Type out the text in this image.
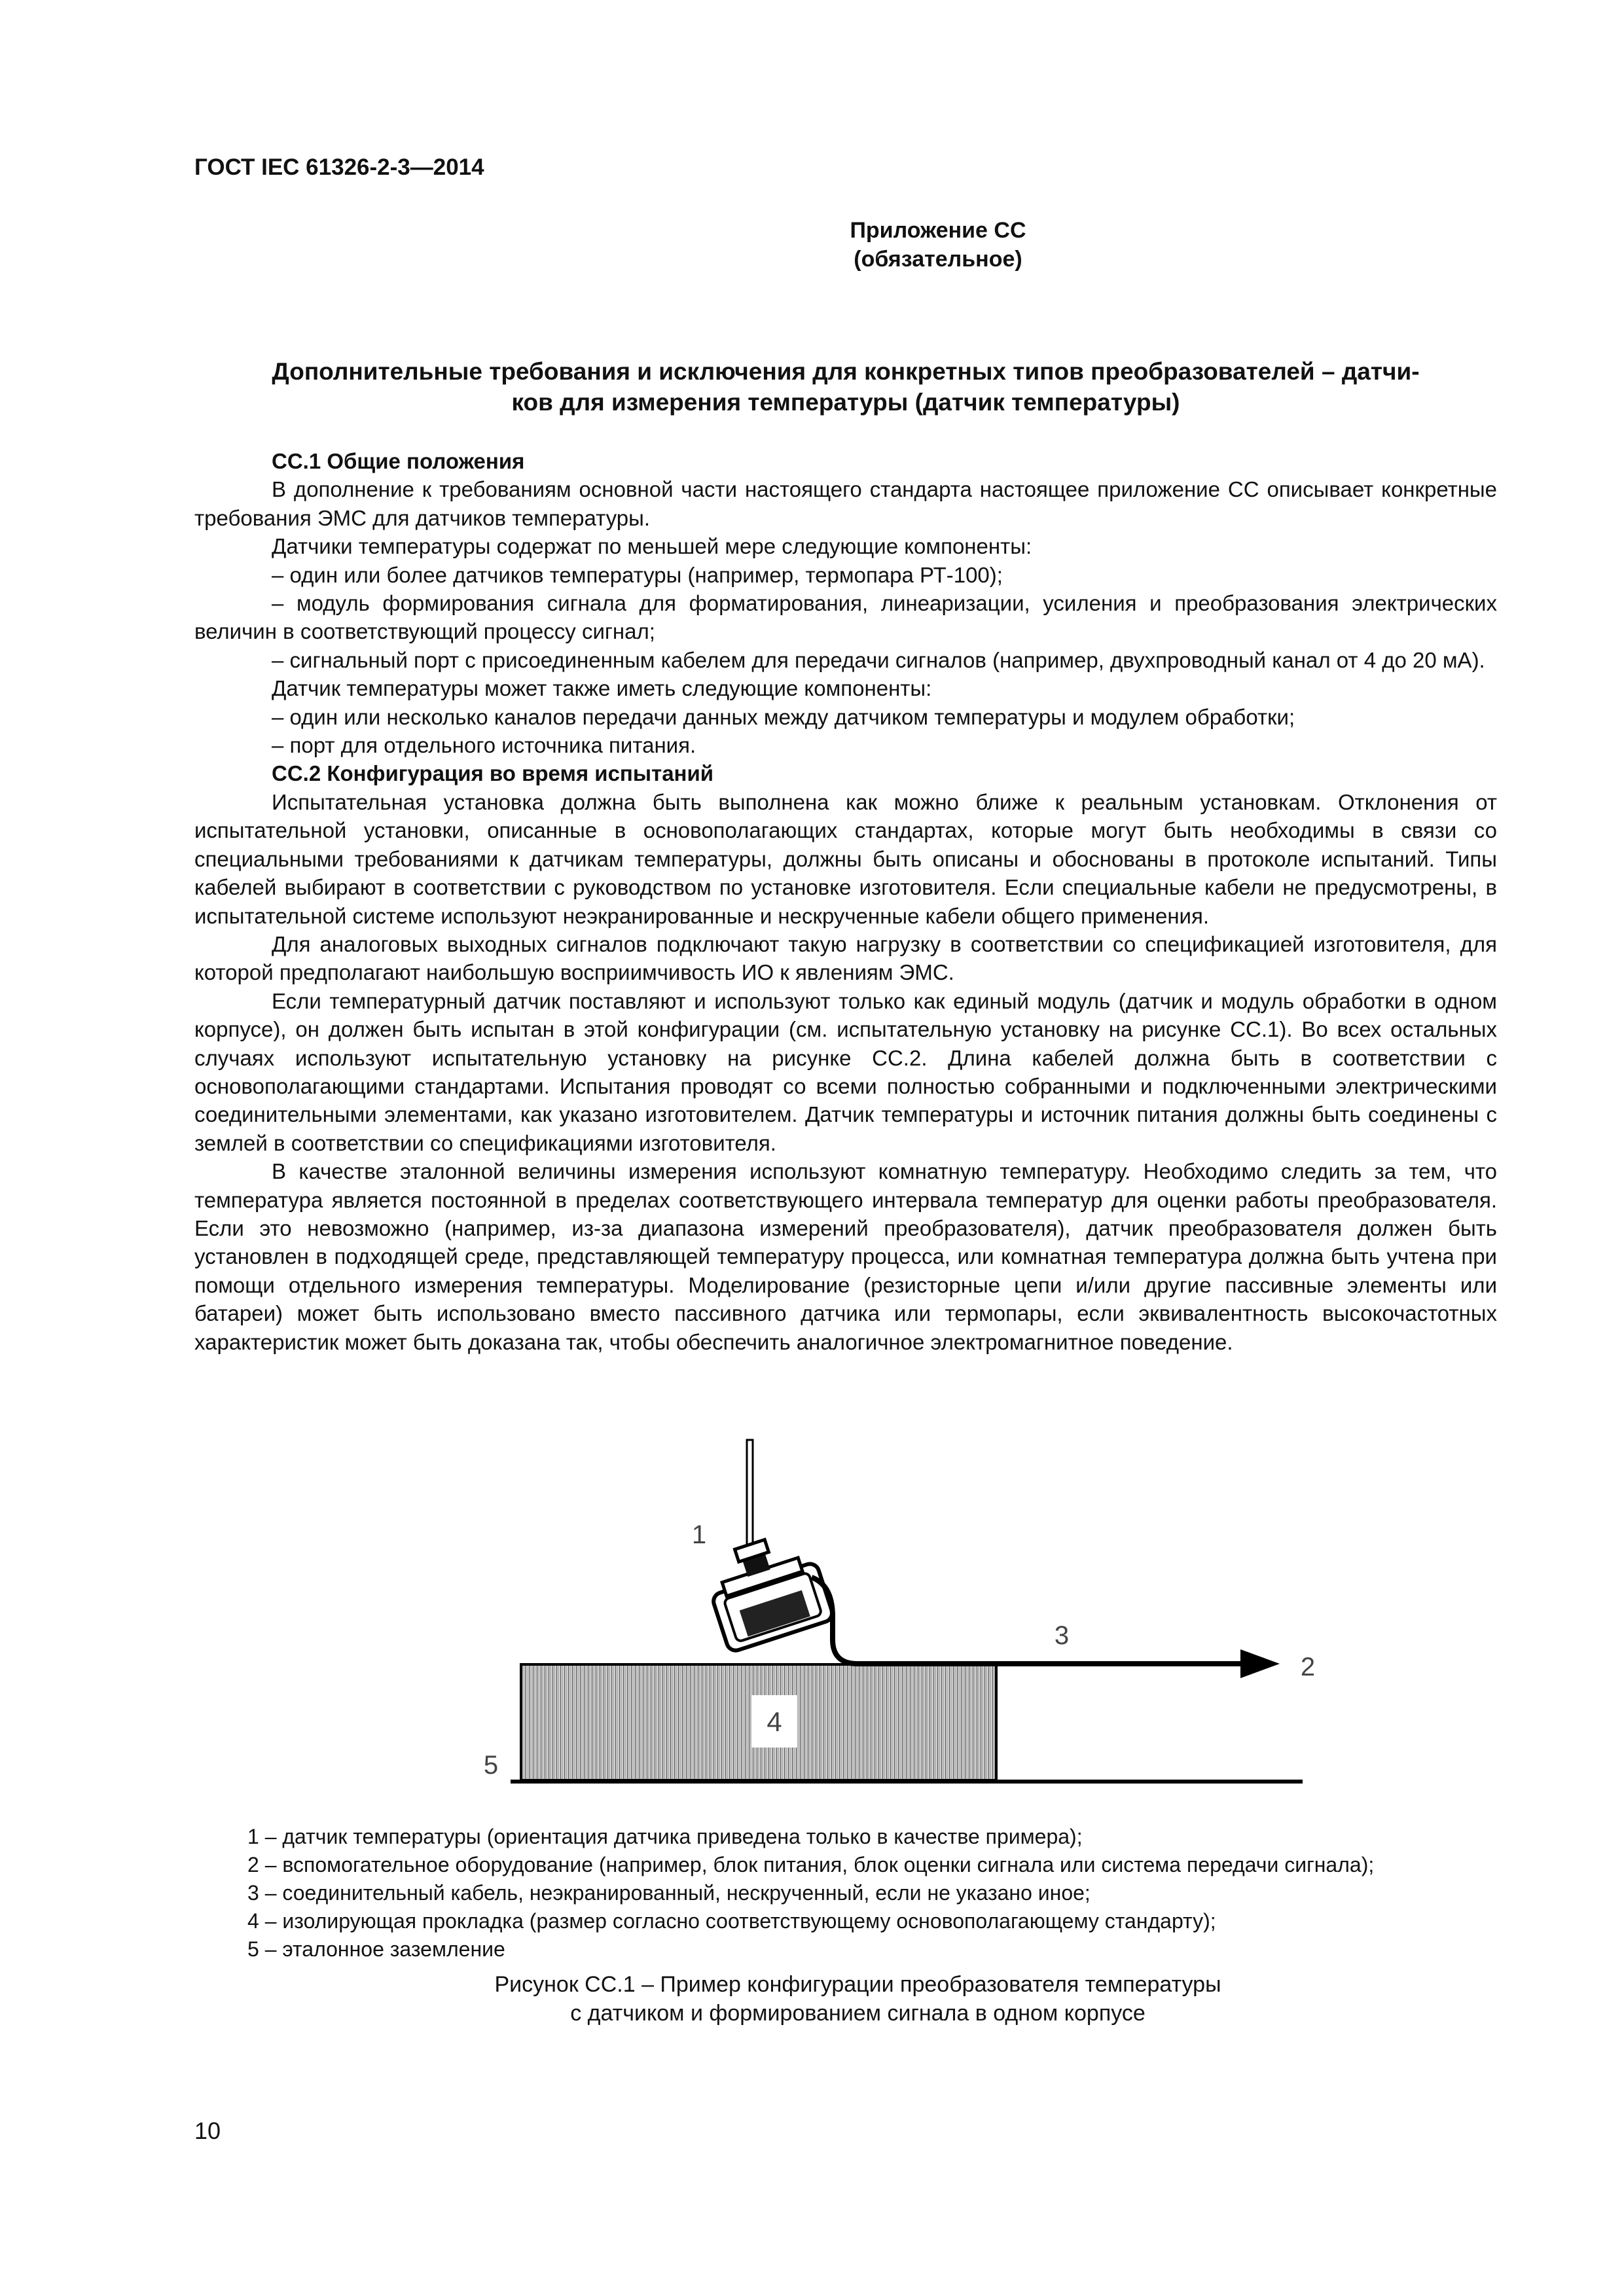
ГОСТ IEC 61326-2-3—2014
Приложение СС
(обязательное)
Дополнительные требования и исключения для конкретных типов преобразователей – датчи-
ков для измерения температуры (датчик температуры)

СС.1 Общие положения

В дополнение к требованиям основной части настоящего стандарта настоящее приложение СС описывает конкретные требования ЭМС для датчиков температуры.

Датчики температуры содержат по меньшей мере следующие компоненты:

– один или более датчиков температуры (например, термопара РТ-100);

– модуль формирования сигнала для форматирования, линеаризации, усиления и преобразования электрических величин в соответствующий процессу сигнал;

– сигнальный порт с присоединенным кабелем для передачи сигналов (например, двухпроводный канал от 4 до 20 мА).

Датчик температуры может также иметь следующие компоненты:

– один или несколько каналов передачи данных между датчиком температуры и модулем обработки;

– порт для отдельного источника питания.

СС.2 Конфигурация во время испытаний

Испытательная установка должна быть выполнена как можно ближе к реальным установкам. Отклонения от испытательной установки, описанные в основополагающих стандартах, которые могут быть необходимы в связи со специальными требованиями к датчикам температуры, должны быть описаны и обоснованы в протоколе испытаний. Типы кабелей выбирают в соответствии с руководством по установке изготовителя. Если специальные кабели не предусмотрены, в испытательной системе используют неэкранированные и нескрученные кабели общего применения.

Для аналоговых выходных сигналов подключают такую нагрузку в соответствии со спецификацией изготовителя, для которой предполагают наибольшую восприимчивость ИО к явлениям ЭМС.

Если температурный датчик поставляют и используют только как единый модуль (датчик и модуль обработки в одном корпусе), он должен быть испытан в этой конфигурации (см. испытательную установку на рисунке СС.1). Во всех остальных случаях используют испытательную установку на рисунке СС.2. Длина кабелей должна быть в соответствии с основополагающими стандартами. Испытания проводят со всеми полностью собранными и подключенными электрическими соединительными элементами, как указано изготовителем. Датчик температуры и источник питания должны быть соединены с землей в соответствии со спецификациями изготовителя.

В качестве эталонной величины измерения используют комнатную температуру. Необходимо следить за тем, что температура является постоянной в пределах соответствующего интервала температур для оценки работы преобразователя. Если это невозможно (например, из-за диапазона измерений преобразователя), датчик преобразователя должен быть установлен в подходящей среде, представляющей температуру процесса, или комнатная температура должна быть учтена при помощи отдельного измерения температуры. Моделирование (резисторные цепи и/или другие пассивные элементы или батареи) может быть использовано вместо пассивного датчика или термопары, если эквивалентность высокочастотных характеристик может быть доказана так, чтобы обеспечить аналогичное электромагнитное поведение.

4
1
3
2
5
1 – датчик температуры (ориентация датчика приведена только в качестве примера);
2 – вспомогательное оборудование (например, блок питания, блок оценки сигнала или система передачи сигнала);
3 – соединительный кабель, неэкранированный, нескрученный, если не указано иное;
4 – изолирующая прокладка (размер согласно соответствующему основополагающему стандарту);
5 – эталонное заземление
Рисунок СС.1 – Пример конфигурации преобразователя температуры
с датчиком и формированием сигнала в одном корпусе
10
